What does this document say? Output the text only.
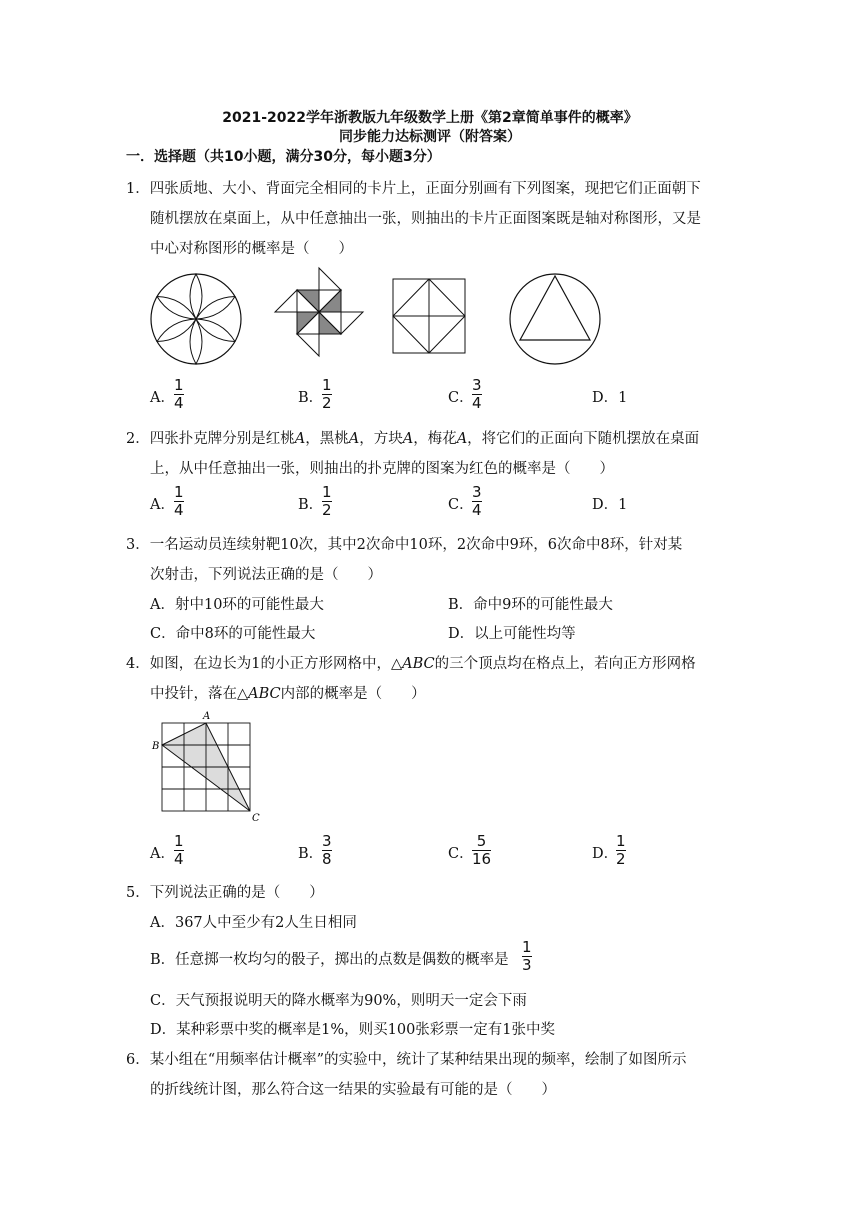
2021-2022学年浙教版九年级数学上册《第2章简单事件的概率》
同步能力达标测评（附答案）
一．选择题（共10小题，满分30分，每小题3分）
1．四张质地、大小、背面完全相同的卡片上，正面分别画有下列图案，现把它们正面朝下
随机摆放在桌面上，从中任意抽出一张，则抽出的卡片正面图案既是轴对称图形，又是
中心对称图形的概率是（　　）
A． $\frac{1}{4}$	B．
$\frac{1}{2}$	C．
$\frac{3}{4}$	D．1
2．四张扑克牌分别是红桃A，黑桃A，方块A，梅花A，将它们的正面向下随机摆放在桌面
上，从中任意抽出一张，则抽出的扑克牌的图案为红色的概率是（　　）
A． $\frac{1}{4}$	B．
$\frac{1}{2}$	C．
$\frac{3}{4}$	D．1
3．一名运动员连续射靶10次，其中2次命中10环，2次命中9环，6次命中8环，针对某
次射击，下列说法正确的是（　　）
A．射中10环的可能性最大	B．命中9环的可能性最大
C．命中8环的可能性最大	D．以上可能性均等
4．如图，在边长为1的小正方形网格中，△ABC的三个顶点均在格点上，若向正方形网格
中投针，落在△ABC内部的概率是（　　）
A
B
C
A． $\frac{1}{4}$	B．
$\frac{3}{8}$	C．
$\frac{5}{16}$	D．
$\frac{1}{2}$
5．下列说法正确的是（　　）
A．367人中至少有2人生日相同
B．任意掷一枚均匀的骰子，掷出的点数是偶数的概率是 $\frac{1}{3}$
C．天气预报说明天的降水概率为90%，则明天一定会下雨
D．某种彩票中奖的概率是1%，则买100张彩票一定有1张中奖
6．某小组在“用频率估计概率”的实验中，统计了某种结果出现的频率，绘制了如图所示
的折线统计图，那么符合这一结果的实验最有可能的是（　　）
